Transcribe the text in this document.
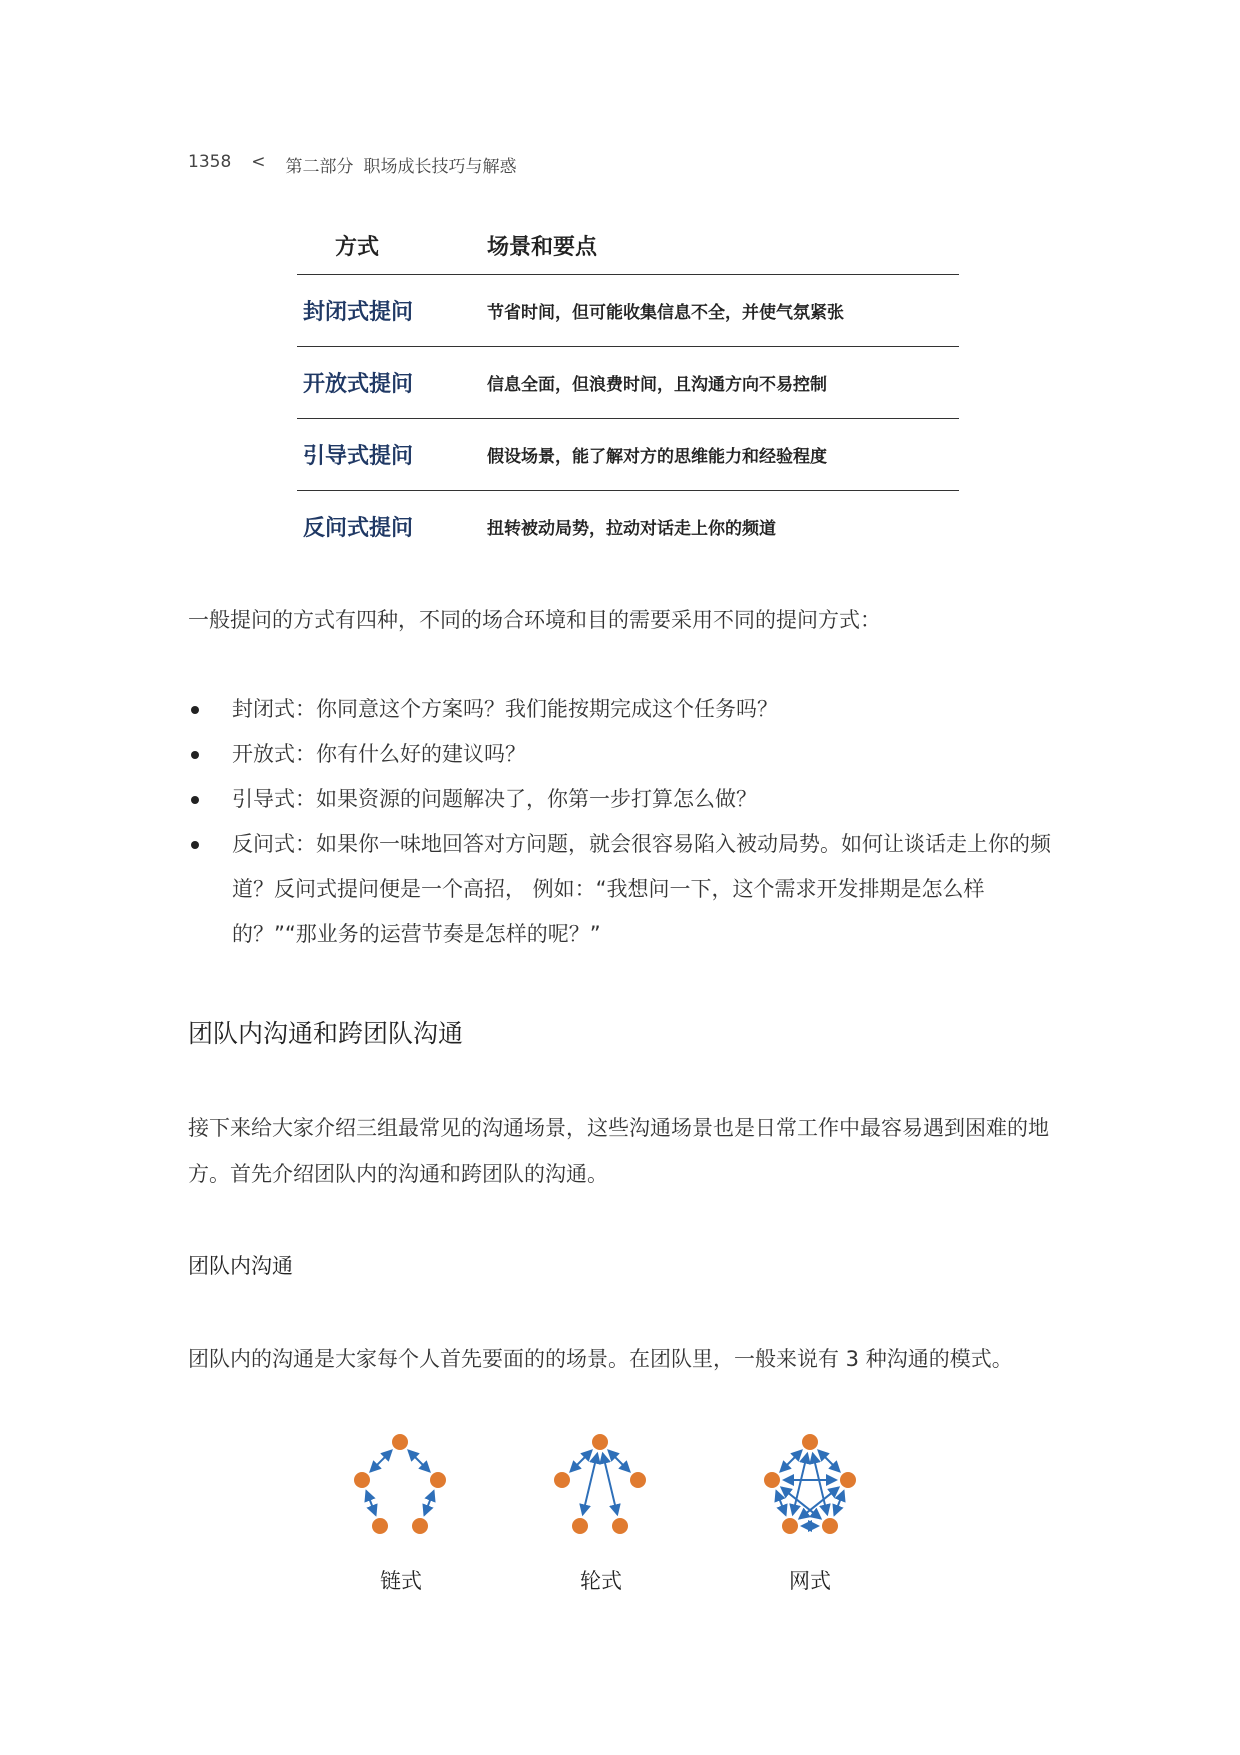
1358 < 第二部分 职场成长技巧与解惑
方式	场景和要点
封闭式提问	节省时间，但可能收集信息不全，并使气氛紧张
开放式提问	信息全面，但浪费时间，且沟通方向不易控制
引导式提问	假设场景，能了解对方的思维能力和经验程度
反问式提问	扭转被动局势，拉动对话走上你的频道
一般提问的方式有四种，不同的场合环境和目的需要采用不同的提问方式：
封闭式：你同意这个方案吗？我们能按期完成这个任务吗？
开放式：你有什么好的建议吗？
引导式：如果资源的问题解决了，你第一步打算怎么做？
反问式：如果你一味地回答对方问题，就会很容易陷入被动局势。如何让谈话走上你的频道？反问式提问便是一个高招， 例如：“我想问一下，这个需求开发排期是怎么样的？”“那业务的运营节奏是怎样的呢？”
团队内沟通和跨团队沟通
接下来给大家介绍三组最常见的沟通场景，这些沟通场景也是日常工作中最容易遇到困难的地方。首先介绍团队内的沟通和跨团队的沟通。
团队内沟通
团队内的沟通是大家每个人首先要面的的场景。在团队里，一般来说有 3 种沟通的模式。
链式	轮式	网式
